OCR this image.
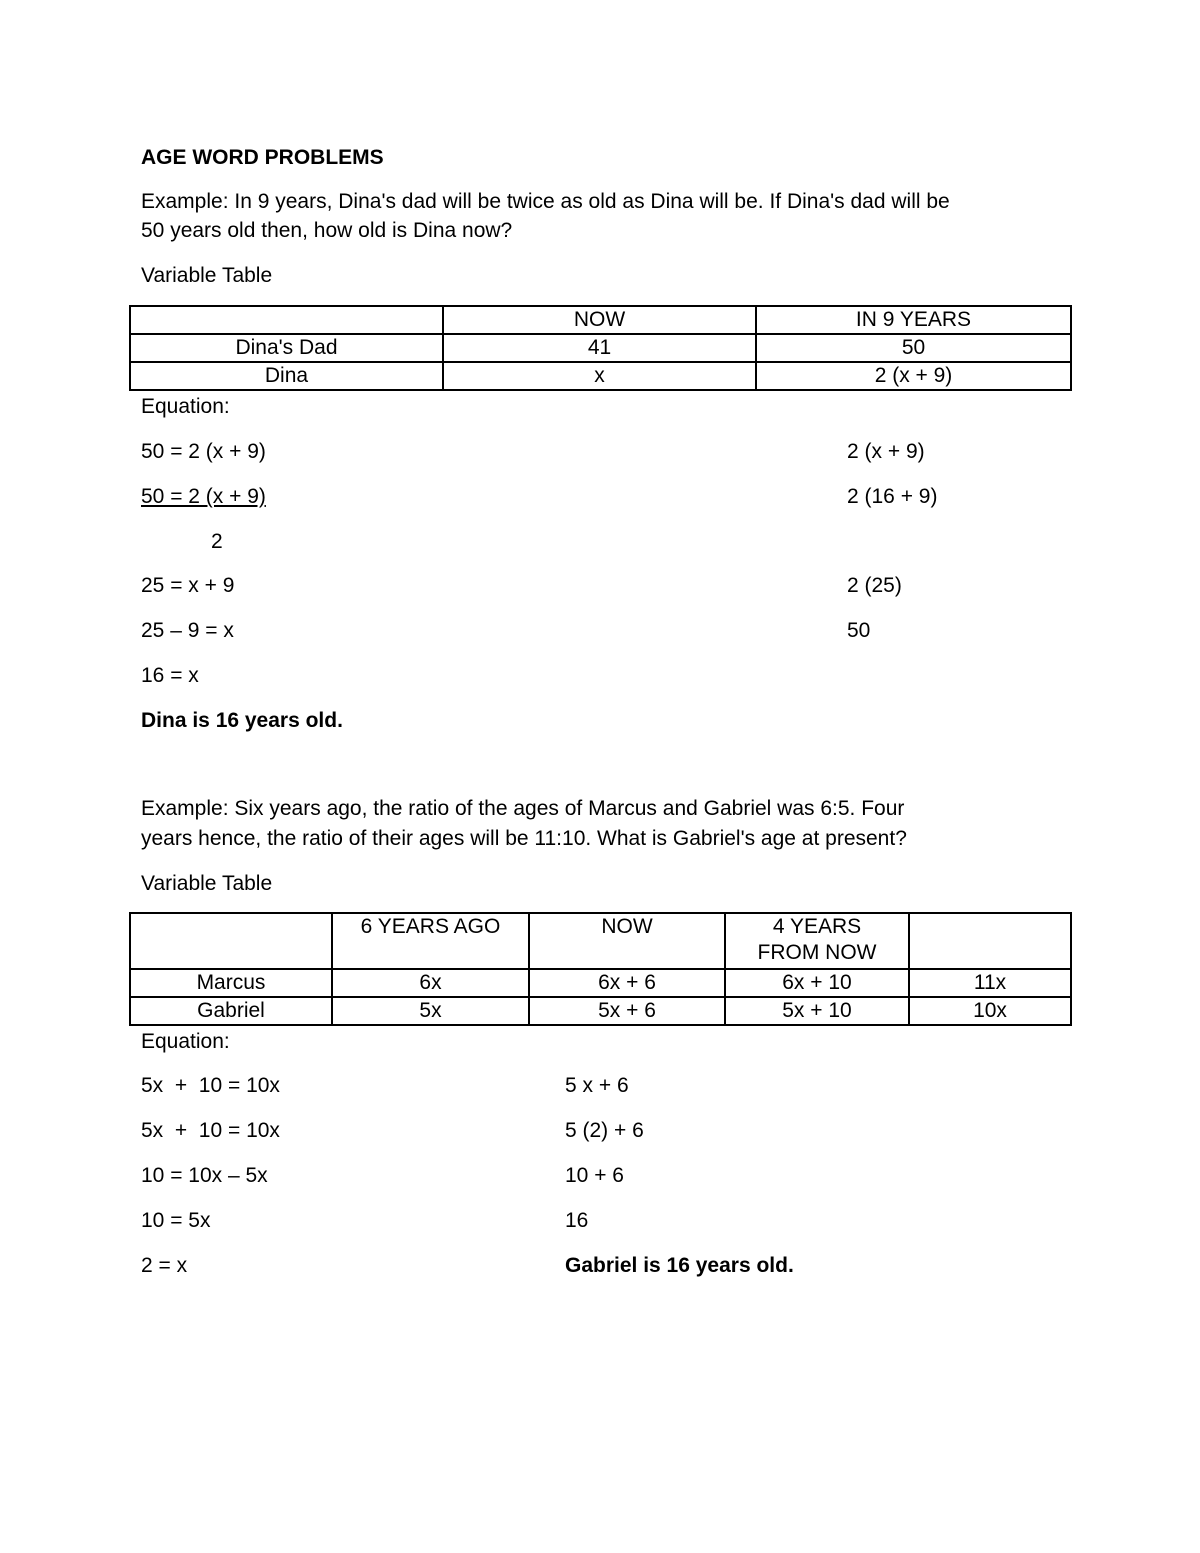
AGE WORD PROBLEMS
Example: In 9 years, Dina's dad will be twice as old as Dina will be. If Dina's dad will be
50 years old then, how old is Dina now?
Variable Table
	NOW	IN 9 YEARS
Dina's Dad	41	50
Dina	x	2 (x + 9)
Equation:
50 = 2 (x + 9)
50 = 2 (x + 9)
2
25 = x + 9
25 – 9 = x
16 = x
2 (x + 9)
2 (16 + 9)
2 (25)
50
Dina is 16 years old.
Example: Six years ago, the ratio of the ages of Marcus and Gabriel was 6:5. Four
years hence, the ratio of their ages will be 11:10. What is Gabriel's age at present?
Variable Table
	6 YEARS AGO	NOW	4 YEARS
FROM NOW	

Marcus	6x	6x + 6	6x + 10	11x
Gabriel	5x	5x + 6	5x + 10	10x
Equation:
5x  +  10 = 10x
5x  +  10 = 10x
10 = 10x – 5x
10 = 5x
2 = x
5 x + 6
5 (2) + 6
10 + 6
16
Gabriel is 16 years old.
